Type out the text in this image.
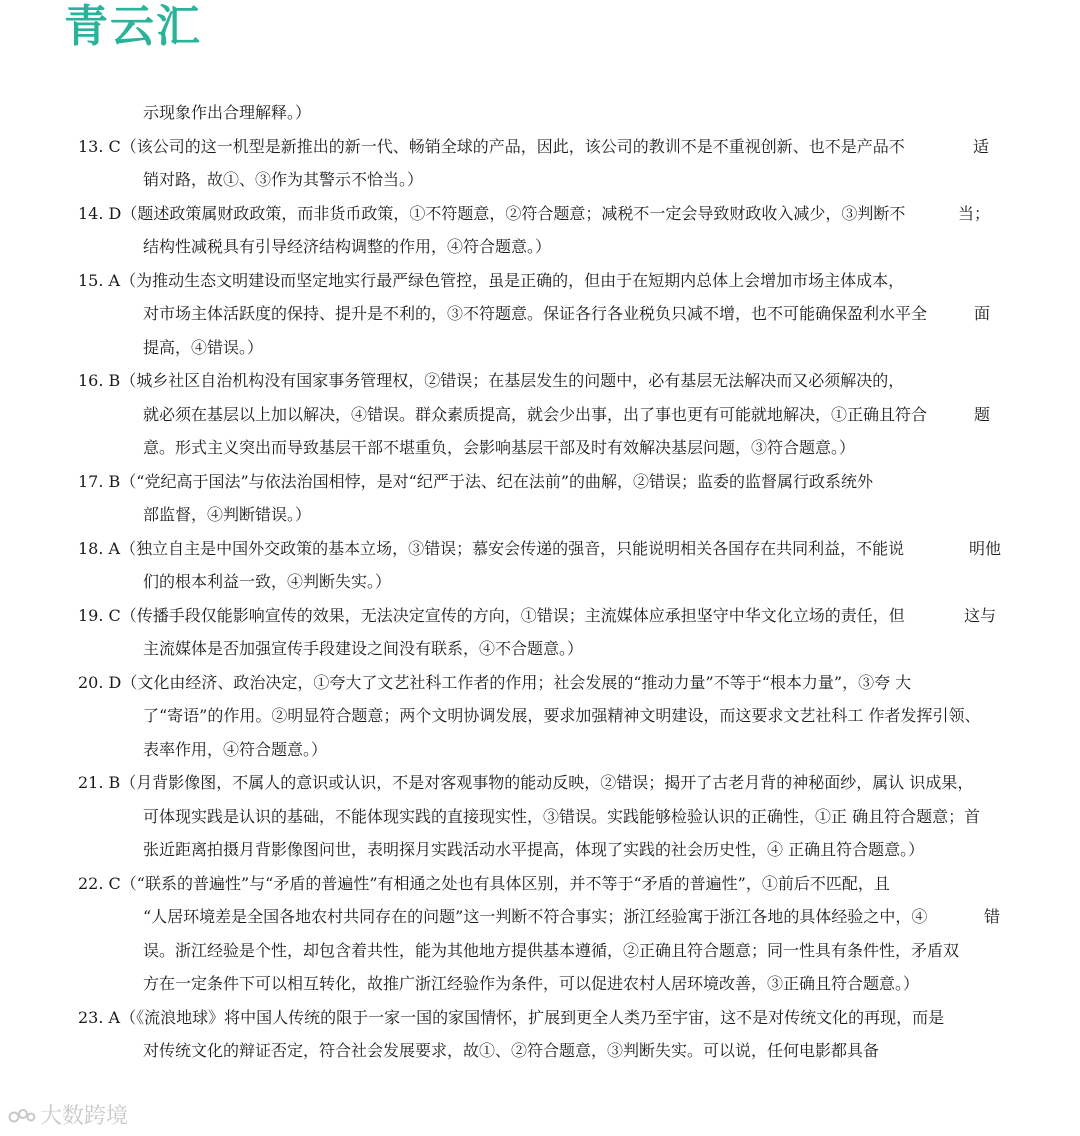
青云汇
示现象作出合理解释。）
13. C（该公司的这一机型是新推出的新一代、畅销全球的产品，因此，该公司的教训不是不重视创新、也不是产品不	适
销对路，故①、③作为其警示不恰当。）
14. D（题述政策属财政政策，而非货币政策，①不符题意，②符合题意；减税不一定会导致财政收入减少，③判断不	当；
结构性减税具有引导经济结构调整的作用，④符合题意。）
15. A（为推动生态文明建设而坚定地实行最严绿色管控，虽是正确的，但由于在短期内总体上会增加市场主体成本，
对市场主体活跃度的保持、提升是不利的，③不符题意。保证各行各业税负只减不增，也不可能确保盈利水平全	面
提高，④错误。）
16. B（城乡社区自治机构没有国家事务管理权，②错误；在基层发生的问题中，必有基层无法解决而又必须解决的，
就必须在基层以上加以解决，④错误。群众素质提高，就会少出事，出了事也更有可能就地解决，①正确且符合	题
意。形式主义突出而导致基层干部不堪重负，会影响基层干部及时有效解决基层问题，③符合题意。）
17. B（“党纪高于国法”与依法治国相悖，是对“纪严于法、纪在法前”的曲解，②错误；监委的监督属行政系统外
部监督，④判断错误。）
18. A（独立自主是中国外交政策的基本立场，③错误；慕安会传递的强音，只能说明相关各国存在共同利益，不能说	明他
们的根本利益一致，④判断失实。）
19. C（传播手段仅能影响宣传的效果，无法决定宣传的方向，①错误；主流媒体应承担坚守中华文化立场的责任，但	这与
主流媒体是否加强宣传手段建设之间没有联系，④不合题意。）
20. D（文化由经济、政治决定，①夸大了文艺社科工作者的作用；社会发展的“推动力量”不等于“根本力量”，③夸 大
了“寄语”的作用。②明显符合题意；两个文明协调发展，要求加强精神文明建设，而这要求文艺社科工 作者发挥引领、
表率作用，④符合题意。）
21. B（月背影像图，不属人的意识或认识，不是对客观事物的能动反映，②错误；揭开了古老月背的神秘面纱，属认 识成果，
可体现实践是认识的基础，不能体现实践的直接现实性，③错误。实践能够检验认识的正确性，①正 确且符合题意；首
张近距离拍摄月背影像图问世，表明探月实践活动水平提高，体现了实践的社会历史性，④ 正确且符合题意。）
22. C（“联系的普遍性”与“矛盾的普遍性”有相通之处也有具体区别，并不等于“矛盾的普遍性”，①前后不匹配，且
“人居环境差是全国各地农村共同存在的问题”这一判断不符合事实；浙江经验寓于浙江各地的具体经验之中，④	错
误。浙江经验是个性，却包含着共性，能为其他地方提供基本遵循，②正确且符合题意；同一性具有条件性，矛盾双
方在一定条件下可以相互转化，故推广浙江经验作为条件，可以促进农村人居环境改善，③正确且符合题意。）
23. A（《流浪地球》将中国人传统的限于一家一国的家国情怀，扩展到更全人类乃至宇宙，这不是对传统文化的再现，而是
对传统文化的辩证否定，符合社会发展要求，故①、②符合题意，③判断失实。可以说，任何电影都具备
大数跨境
